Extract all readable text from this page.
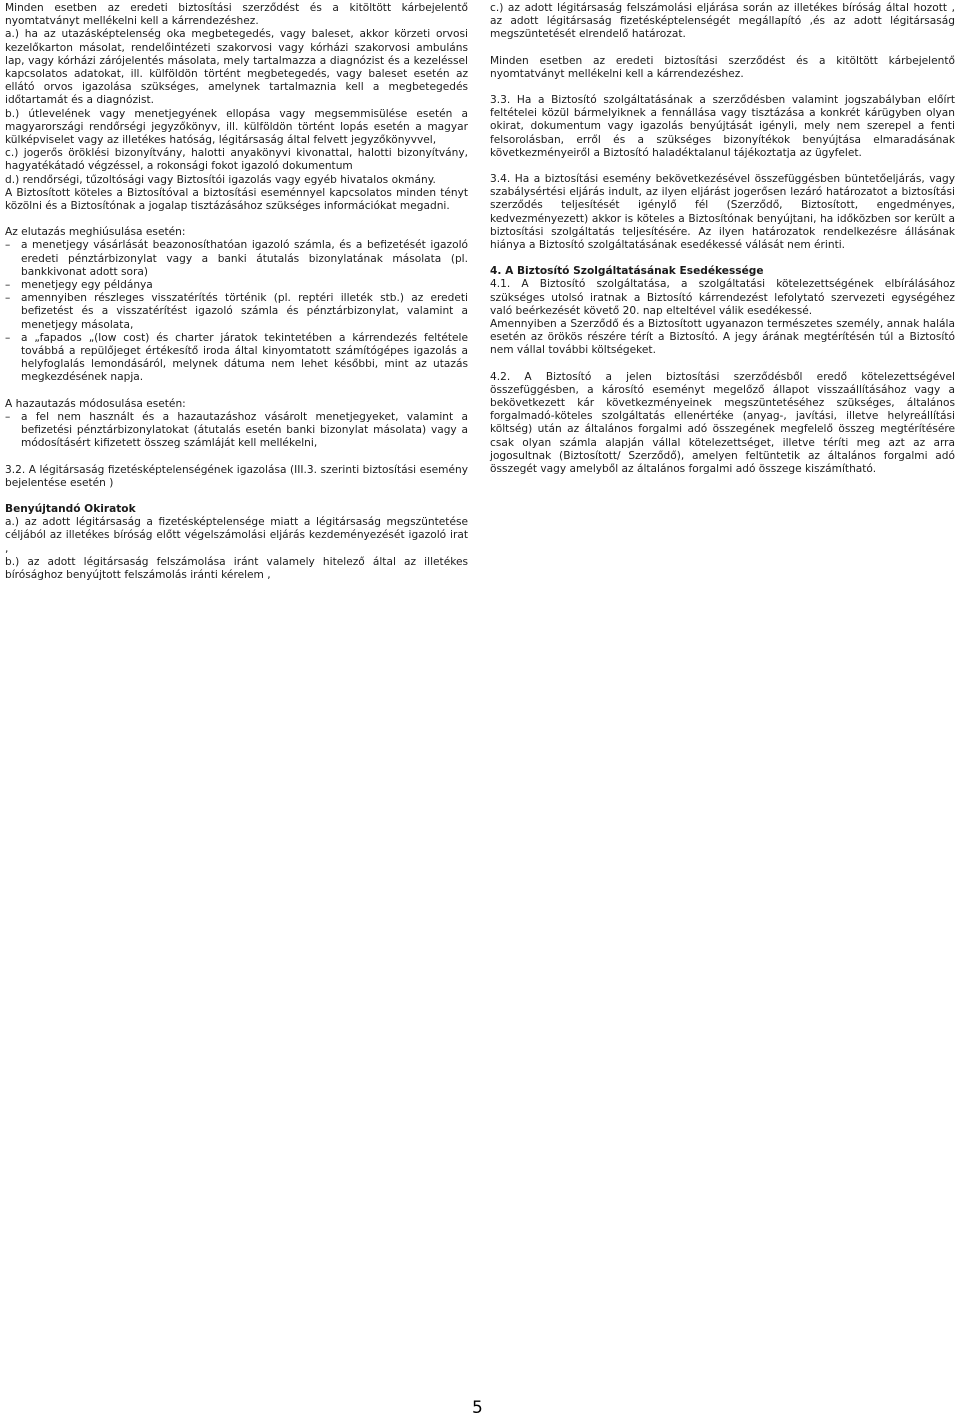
Minden esetben az eredeti biztosítási szerződést és a kitöltött kárbejelentő nyomtatványt mellékelni kell a kárrendezéshez.

a.) ha az utazásképtelenség oka megbetegedés, vagy baleset, akkor körzeti orvosi kezelőkarton másolat, rendelőintézeti szakorvosi vagy kórházi szakorvosi ambuláns lap, vagy kórházi zárójelentés másolata, mely tartalmazza a diagnózist és a kezeléssel kapcsolatos adatokat, ill. külföldön történt megbetegedés, vagy baleset esetén az ellátó orvos igazolása szükséges, amelynek tartalmaznia kell a megbetegedés időtartamát és a diagnózist.

b.) útlevelének vagy menetjegyének ellopása vagy megsemmisülése esetén a magyarországi rendőrségi jegyzőkönyv, ill. külföldön történt lopás esetén a magyar külképviselet vagy az illetékes hatóság, légitársaság által felvett jegyzőkönyvvel,

c.) jogerős öröklési bizonyítvány, halotti anyakönyvi kivonattal, halotti bizonyítvány, hagyatékátadó végzéssel, a rokonsági fokot igazoló dokumentum

d.) rendőrségi, tűzoltósági vagy Biztosítói igazolás vagy egyéb hivatalos okmány.

A Biztosított köteles a Biztosítóval a biztosítási eseménnyel kapcsolatos minden tényt közölni és a Biztosítónak a jogalap tisztázásához szükséges információkat megadni.

Az elutazás meghiúsulása esetén:

–	a menetjegy vásárlását beazonosíthatóan igazoló számla, és a befizetését igazoló eredeti pénztárbizonylat vagy a banki átutalás bizonylatának másolata (pl. bankkivonat adott sora)
–	menetjegy egy példánya
–	amennyiben részleges visszatérítés történik (pl. reptéri illeték stb.) az eredeti befizetést és a visszatérítést igazoló számla és pénztárbizonylat, valamint a menetjegy másolata,
–	a „fapados „(low cost) és charter járatok tekintetében a kárrendezés feltétele továbbá a repülőjeget értékesítő iroda által kinyomtatott számítógépes igazolás a helyfoglalás lemondásáról, melynek dátuma nem lehet későbbi, mint az utazás megkezdésének napja.

A hazautazás módosulása esetén:

–	a fel nem használt és a hazautazáshoz vásárolt menetjegyeket, valamint a befizetési pénztárbizonylatokat (átutalás esetén banki bizonylat másolata) vagy a módosításért kifizetett összeg számláját kell mellékelni,

3.2. A légitársaság fizetésképtelenségének igazolása (III.3. szerinti biztosítási esemény bejelentése esetén )

Benyújtandó Okiratok

a.) az adott légitársaság a fizetésképtelensége miatt a légitársaság megszüntetése céljából az illetékes bíróság előtt végelszámolási eljárás kezdeményezését igazoló irat ,

b.) az adott légitársaság felszámolása iránt valamely hitelező által az illetékes bírósághoz benyújtott felszámolás iránti kérelem ,

c.) az adott légitársaság felszámolási eljárása során az illetékes bíróság által hozott , az adott légitársaság fizetésképtelenségét megállapító ,és az adott légitársaság megszüntetését elrendelő határozat.

Minden esetben az eredeti biztosítási szerződést és a kitöltött kárbejelentő nyomtatványt mellékelni kell a kárrendezéshez.

3.3. Ha a Biztosító szolgáltatásának a szerződésben valamint jogszabályban előírt feltételei közül bármelyiknek a fennállása vagy tisztázása a konkrét kárügyben olyan okirat, dokumentum vagy igazolás benyújtását igényli, mely nem szerepel a fenti felsorolásban, erről és a szükséges bizonyítékok benyújtása elmaradásának következményeiről a Biztosító haladéktalanul tájékoztatja az ügyfelet.

3.4. Ha a biztosítási esemény bekövetkezésével összefüggésben büntetőeljárás, vagy szabálysértési eljárás indult, az ilyen eljárást jogerősen lezáró határozatot a biztosítási szerződés teljesítését igénylő fél (Szerződő, Biztosított, engedményes, kedvezményezett) akkor is köteles a Biztosítónak benyújtani, ha időközben sor került a biztosítási szolgáltatás teljesítésére. Az ilyen határozatok rendelkezésre állásának hiánya a Biztosító szolgáltatásának esedékessé válását nem érinti.

4. A Biztosító Szolgáltatásának Esedékessége

4.1. A Biztosító szolgáltatása, a szolgáltatási kötelezettségének elbírálásához szükséges utolsó iratnak a Biztosító kárrendezést lefolytató szervezeti egységéhez való beérkezését követő 20. nap elteltével válik esedékessé.

Amennyiben a Szerződő és a Biztosított ugyanazon természetes személy, annak halála esetén az örökös részére térít a Biztosító. A jegy árának megtérítésén túl a Biztosító nem vállal további költségeket.

4.2. A Biztosító a jelen biztosítási szerződésből eredő kötelezettségével összefüggésben, a károsító eseményt megelőző állapot visszaállításához vagy a bekövetkezett kár következményeinek megszüntetéséhez szükséges, általános forgalmadó-köteles szolgáltatás ellenértéke (anyag-, javítási, illetve helyreállítási költség) után az általános forgalmi adó összegének megfelelő összeg megtérítésére csak olyan számla alapján vállal kötelezettséget, illetve téríti meg azt az arra jogosultnak (Biztosított/ Szerződő), amelyen feltüntetik az általános forgalmi adó összegét vagy amelyből az általános forgalmi adó összege kiszámítható.

5
